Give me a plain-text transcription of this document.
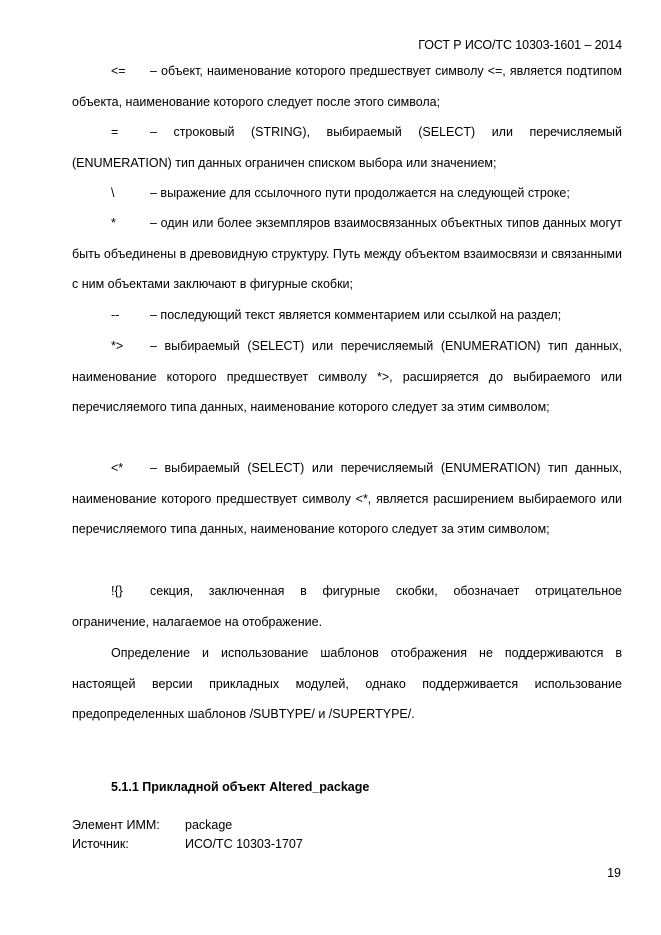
ГОСТ Р ИСО/ТС 10303-1601 – 2014
<= – объект, наименование которого предшествует символу <=, является подтипом объекта, наименование которого следует после этого символа;
=	– строковый (STRING), выбираемый (SELECT) или перечисляемый (ENUMERATION) тип данных ограничен списком выбора или значением;
\	– выражение для ссылочного пути продолжается на следующей строке;
*	– один или более экземпляров взаимосвязанных объектных типов данных могут быть объединены в древовидную структуру. Путь между объектом взаимосвязи и связанными с ним объектами заключают в фигурные скобки;
-- – последующий текст является комментарием или ссылкой на раздел;
*> – выбираемый (SELECT) или перечисляемый (ENUMERATION) тип данных, наименование которого предшествует символу *>, расширяется до выбираемого или перечисляемого типа данных, наименование которого следует за этим символом;
<* – выбираемый (SELECT) или перечисляемый (ENUMERATION) тип данных, наименование которого предшествует символу <*, является расширением выбираемого или перечисляемого типа данных, наименование которого следует за этим символом;
!{} секция, заключенная в фигурные скобки, обозначает отрицательное ограничение, налагаемое на отображение.
Определение и использование шаблонов отображения не поддерживаются в настоящей версии прикладных модулей, однако поддерживается использование предопределенных шаблонов /SUBTYPE/ и /SUPERTYPE/.
5.1.1 Прикладной объект Altered_package
Элемент ИММ: package
Источник:	ИСО/ТС 10303-1707
19
